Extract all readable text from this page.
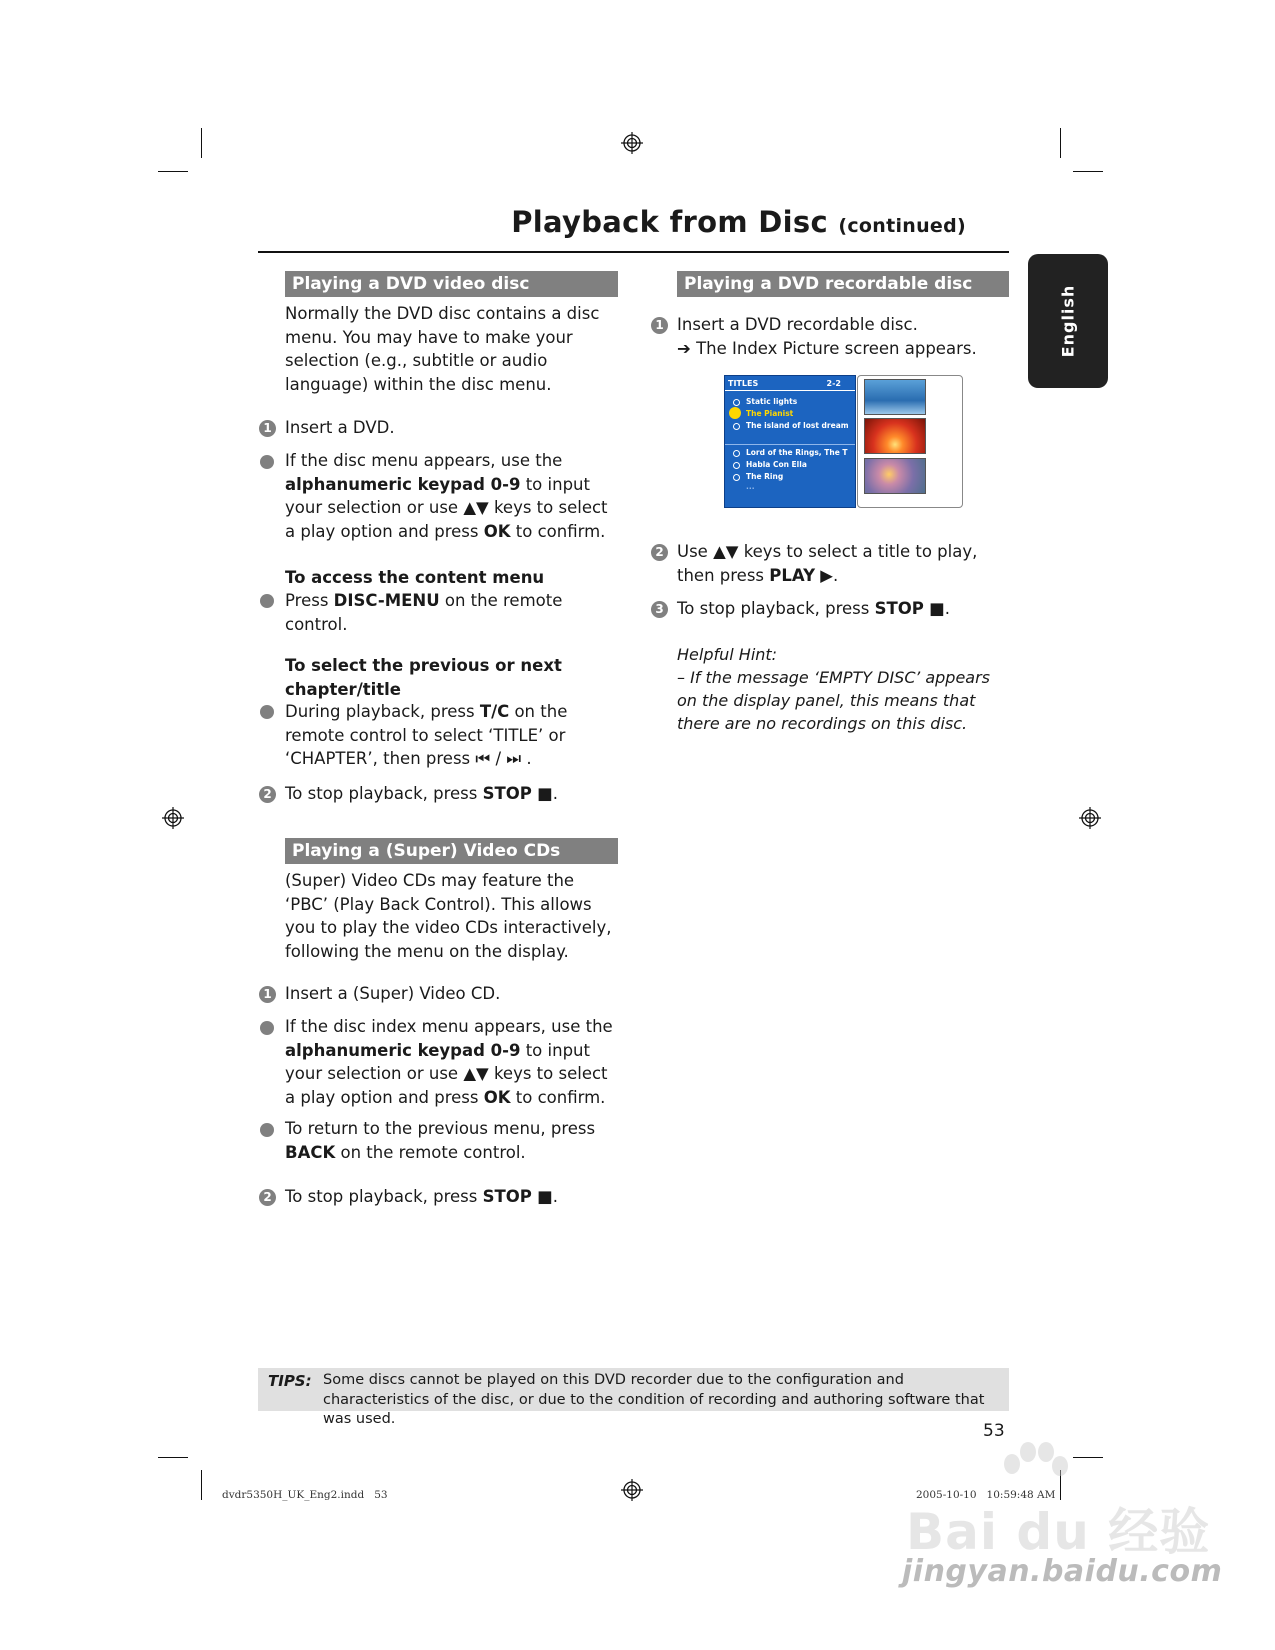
Playback from Disc (continued)
English
Playing a DVD video disc
Normally the DVD disc contains a disc menu. You may have to make your selection (e.g., subtitle or audio language) within the disc menu.
1 Insert a DVD.
If the disc menu appears, use the alphanumeric keypad 0-9 to input your selection or use ▲▼ keys to select a play option and press OK to confirm.
To access the content menu
Press DISC-MENU on the remote control.
To select the previous or next chapter/title
During playback, press T/C on the remote control to select ‘TITLE’ or ‘CHAPTER’, then press ⏮ / ⏭ .
2 To stop playback, press STOP ■.
Playing a (Super) Video CDs
(Super) Video CDs may feature the ‘PBC’ (Play Back Control). This allows you to play the video CDs interactively, following the menu on the display.
1 Insert a (Super) Video CD.
If the disc index menu appears, use the alphanumeric keypad 0-9 to input your selection or use ▲▼ keys to select a play option and press OK to confirm.
To return to the previous menu, press BACK on the remote control.
2 To stop playback, press STOP ■.
Playing a DVD recordable disc
1 Insert a DVD recordable disc.
➔ The Index Picture screen appears.
TITLES	2-2
Static lights
The Pianist
The island of lost dream
Lord of the Rings, The T
Habla Con Ella
The Ring
...
2 Use ▲▼ keys to select a title to play, then press PLAY ▶.
3 To stop playback, press STOP ■.
Helpful Hint:
– If the message ‘EMPTY DISC’ appears on the display panel, this means that there are no recordings on this disc.
TIPS: Some discs cannot be played on this DVD recorder due to the configuration and characteristics of the disc, or due to the condition of recording and authoring software that was used.
53
dvdr5350H_UK_Eng2.indd   53	2005-10-10   10:59:48 AM
Bai du 经验
jingyan.baidu.com
